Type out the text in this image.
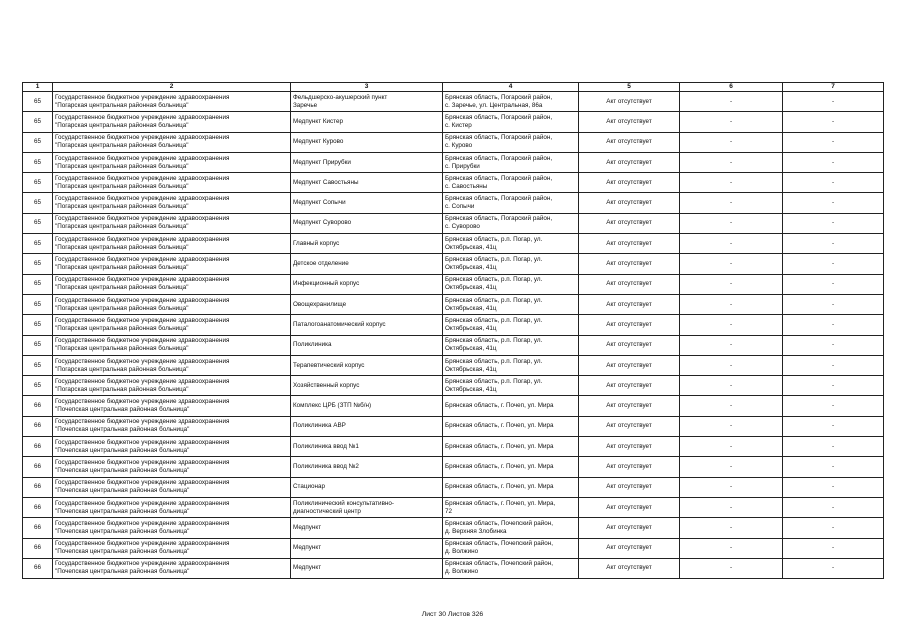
1	2	3	4	5	6	7
65	Государственное бюджетное учреждение здравоохранения
"Погарская центральная районная больница"	Фельдшерско-акушерский пункт
Заречье	Брянская область, Погарский район,
с. Заречье, ул. Центральная, 86а	Акт отсутствует	-	-
65	Государственное бюджетное учреждение здравоохранения
"Погарская центральная районная больница"	Медпункт Кистер	Брянская область, Погарский район,
с. Кистер	Акт отсутствует	-	-
65	Государственное бюджетное учреждение здравоохранения
"Погарская центральная районная больница"	Медпункт Курово	Брянская область, Погарский район,
с. Курово	Акт отсутствует	-	-
65	Государственное бюджетное учреждение здравоохранения
"Погарская центральная районная больница"	Медпункт Прирубки	Брянская область, Погарский район,
с. Прирубки	Акт отсутствует	-	-
65	Государственное бюджетное учреждение здравоохранения
"Погарская центральная районная больница"	Медпункт Савостьяны	Брянская область, Погарский район,
с. Савостьяны	Акт отсутствует	-	-
65	Государственное бюджетное учреждение здравоохранения
"Погарская центральная районная больница"	Медпункт Сопычи	Брянская область, Погарский район,
с. Сопычи	Акт отсутствует	-	-
65	Государственное бюджетное учреждение здравоохранения
"Погарская центральная районная больница"	Медпункт Суворово	Брянская область, Погарский район,
с. Суворово	Акт отсутствует	-	-
65	Государственное бюджетное учреждение здравоохранения
"Погарская центральная районная больница"	Главный корпус	Брянская область, р.п. Погар, ул.
Октябрьская, 41ц	Акт отсутствует	-	-
65	Государственное бюджетное учреждение здравоохранения
"Погарская центральная районная больница"	Детское отделение	Брянская область, р.п. Погар, ул.
Октябрьская, 41ц	Акт отсутствует	-	-
65	Государственное бюджетное учреждение здравоохранения
"Погарская центральная районная больница"	Инфекционный корпус	Брянская область, р.п. Погар, ул.
Октябрьская, 41ц	Акт отсутствует	-	-
65	Государственное бюджетное учреждение здравоохранения
"Погарская центральная районная больница"	Овощехранилище	Брянская область, р.п. Погар, ул.
Октябрьская, 41ц	Акт отсутствует	-	-
65	Государственное бюджетное учреждение здравоохранения
"Погарская центральная районная больница"	Паталогоанатомический корпус	Брянская область, р.п. Погар, ул.
Октябрьская, 41ц	Акт отсутствует	-	-
65	Государственное бюджетное учреждение здравоохранения
"Погарская центральная районная больница"	Поликлиника	Брянская область, р.п. Погар, ул.
Октябрьская, 41ц	Акт отсутствует	-	-
65	Государственное бюджетное учреждение здравоохранения
"Погарская центральная районная больница"	Терапевтический корпус	Брянская область, р.п. Погар, ул.
Октябрьская, 41ц	Акт отсутствует	-	-
65	Государственное бюджетное учреждение здравоохранения
"Погарская центральная районная больница"	Хозяйственный корпус	Брянская область, р.п. Погар, ул.
Октябрьская, 41ц	Акт отсутствует	-	-
66	Государственное бюджетное учреждение здравоохранения
"Почепская центральная районная больница"	Комплекс ЦРБ (ЗТП №б/н)	Брянская область, г. Почеп, ул. Мира	Акт отсутствует	-	-
66	Государственное бюджетное учреждение здравоохранения
"Почепская центральная районная больница"	Поликлиника АВР	Брянская область, г. Почеп, ул. Мира	Акт отсутствует	-	-
66	Государственное бюджетное учреждение здравоохранения
"Почепская центральная районная больница"	Поликлиника ввод №1	Брянская область, г. Почеп, ул. Мира	Акт отсутствует	-	-
66	Государственное бюджетное учреждение здравоохранения
"Почепская центральная районная больница"	Поликлиника ввод №2	Брянская область, г. Почеп, ул. Мира	Акт отсутствует	-	-
66	Государственное бюджетное учреждение здравоохранения
"Почепская центральная районная больница"	Стационар	Брянская область, г. Почеп, ул. Мира	Акт отсутствует	-	-
66	Государственное бюджетное учреждение здравоохранения
"Почепская центральная районная больница"	Поликлинический консультативно-
диагностический центр	Брянская область, г. Почеп, ул. Мира,
72	Акт отсутствует	-	-
66	Государственное бюджетное учреждение здравоохранения
"Почепская центральная районная больница"	Медпункт	Брянская область, Почепский район,
д. Верхняя Злобинка	Акт отсутствует	-	-
66	Государственное бюджетное учреждение здравоохранения
"Почепская центральная районная больница"	Медпункт	Брянская область, Почепский район,
д. Волжино	Акт отсутствует	-	-
66	Государственное бюджетное учреждение здравоохранения
"Почепская центральная районная больница"	Медпункт	Брянская область, Почепский район,
д. Волжино	Акт отсутствует	-	-
Лист 30 Листов 326
